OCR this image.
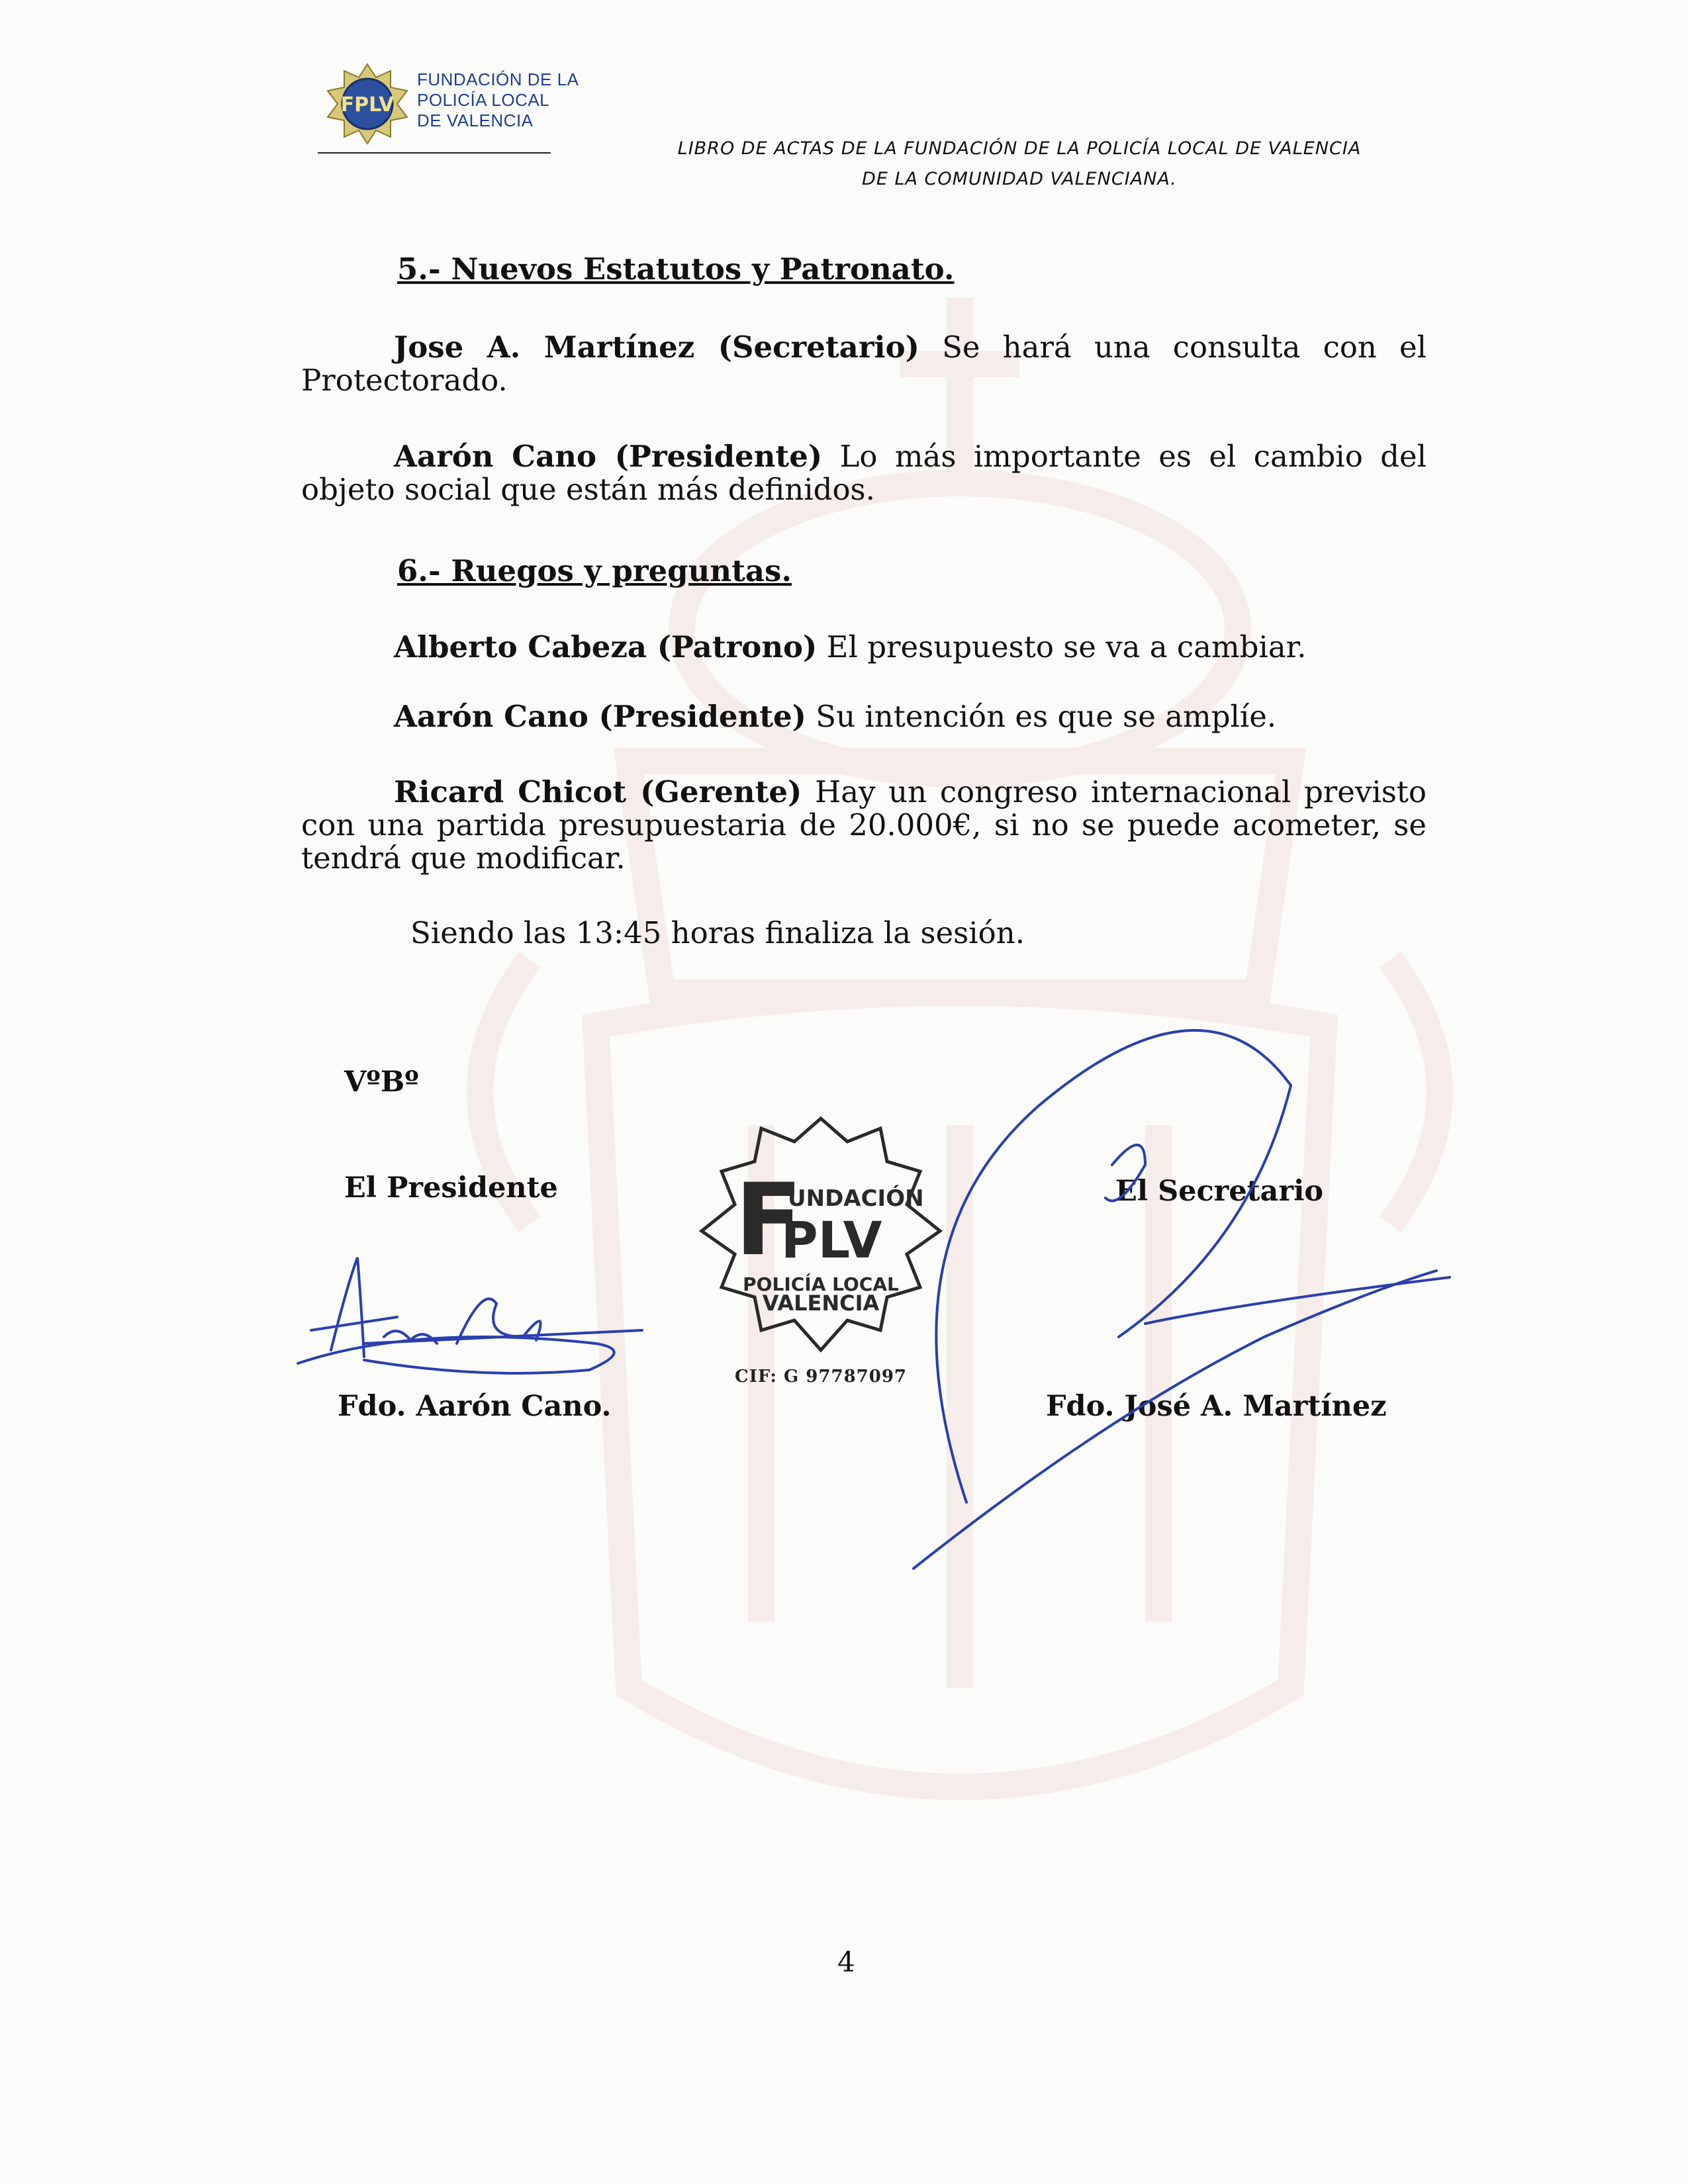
FPLV
FUNDACIÓN DE LA
POLICÍA LOCAL
DE VALENCIA
LIBRO DE ACTAS DE LA FUNDACIÓN DE LA POLICÍA LOCAL DE VALENCIA
DE LA COMUNIDAD VALENCIANA.
5.- Nuevos Estatutos y Patronato.
Jose A. Martínez (Secretario) Se hará una consulta con el Protectorado.
Aarón Cano (Presidente) Lo más importante es el cambio del objeto social que están más definidos.
6.- Ruegos y preguntas.
Alberto Cabeza (Patrono) El presupuesto se va a cambiar.
Aarón Cano (Presidente) Su intención es que se amplíe.
Ricard Chicot (Gerente) Hay un congreso internacional previsto con una partida presupuestaria de 20.000€, si no se puede acometer, se tendrá que modificar.
Siendo las 13:45 horas finaliza la sesión.
VºBº
El Presidente	El Secretario
Fdo. Aarón Cano.	Fdo. José A. Martínez
F
UNDACIÓN
PLV
POLICÍA LOCAL
VALENCIA
CIF: G 97787097
4
